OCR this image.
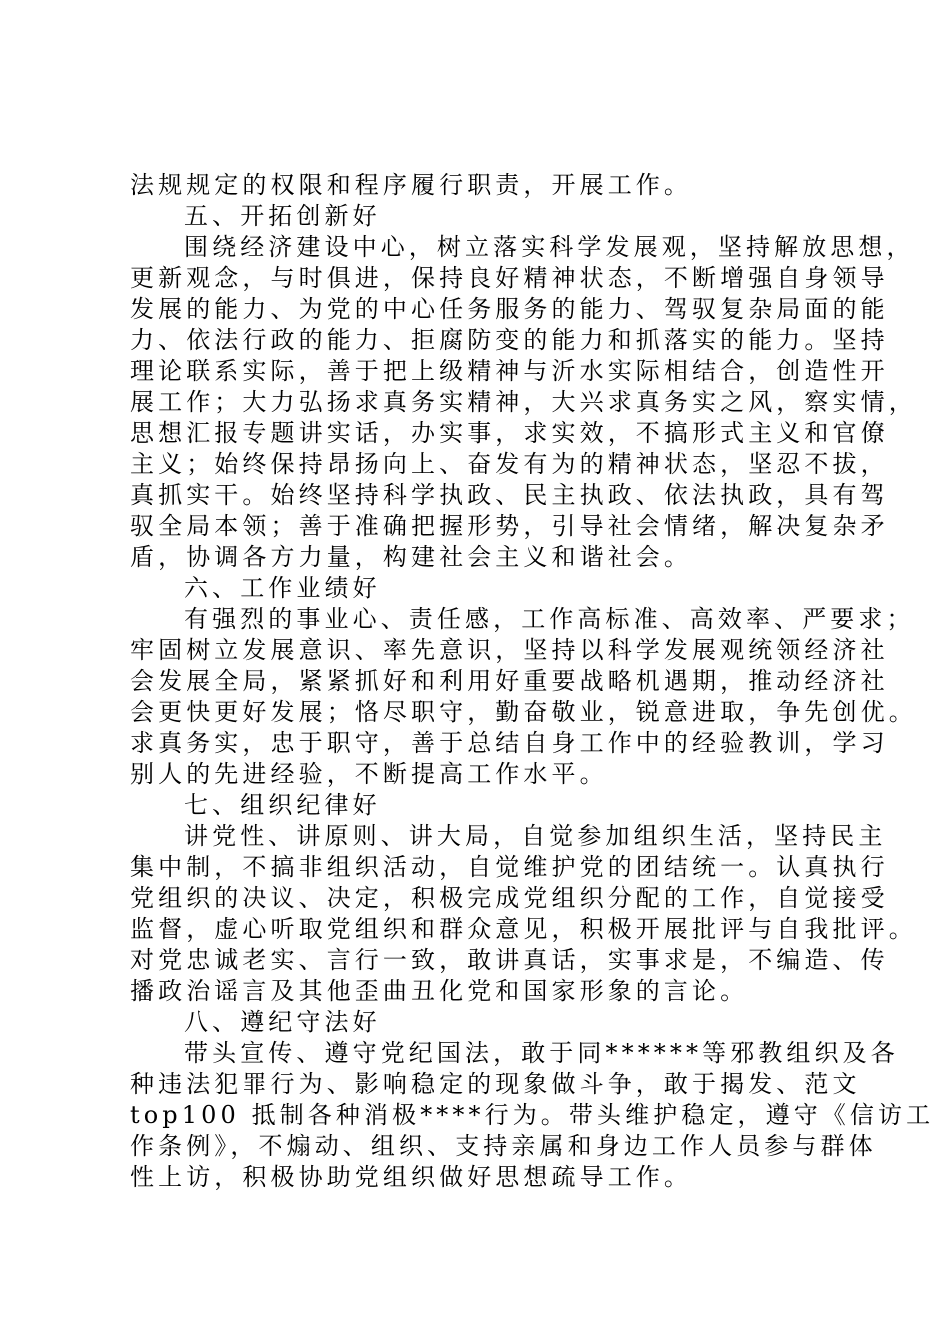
法规规定的权限和程序履行职责，开展工作。
五、开拓创新好
围绕经济建设中心，树立落实科学发展观，坚持解放思想，
更新观念，与时俱进，保持良好精神状态，不断增强自身领导
发展的能力、为党的中心任务服务的能力、驾驭复杂局面的能
力、依法行政的能力、拒腐防变的能力和抓落实的能力。坚持
理论联系实际，善于把上级精神与沂水实际相结合，创造性开
展工作；大力弘扬求真务实精神，大兴求真务实之风，察实情，
思想汇报专题讲实话，办实事，求实效，不搞形式主义和官僚
主义；始终保持昂扬向上、奋发有为的精神状态，坚忍不拔，
真抓实干。始终坚持科学执政、民主执政、依法执政，具有驾
驭全局本领；善于准确把握形势，引导社会情绪，解决复杂矛
盾，协调各方力量，构建社会主义和谐社会。
六、工作业绩好
有强烈的事业心、责任感，工作高标准、高效率、严要求；
牢固树立发展意识、率先意识，坚持以科学发展观统领经济社
会发展全局，紧紧抓好和利用好重要战略机遇期，推动经济社
会更快更好发展；恪尽职守，勤奋敬业，锐意进取，争先创优。
求真务实，忠于职守，善于总结自身工作中的经验教训，学习
别人的先进经验，不断提高工作水平。
七、组织纪律好
讲党性、讲原则、讲大局，自觉参加组织生活，坚持民主
集中制，不搞非组织活动，自觉维护党的团结统一。认真执行
党组织的决议、决定，积极完成党组织分配的工作，自觉接受
监督，虚心听取党组织和群众意见，积极开展批评与自我批评。
对党忠诚老实、言行一致，敢讲真话，实事求是，不编造、传
播政治谣言及其他歪曲丑化党和国家形象的言论。
八、遵纪守法好
带头宣传、遵守党纪国法，敢于同******等邪教组织及各
种违法犯罪行为、影响稳定的现象做斗争，敢于揭发、范文
top100 抵制各种消极****行为。带头维护稳定，遵守《信访工
作条例》，不煽动、组织、支持亲属和身边工作人员参与群体
性上访，积极协助党组织做好思想疏导工作。
